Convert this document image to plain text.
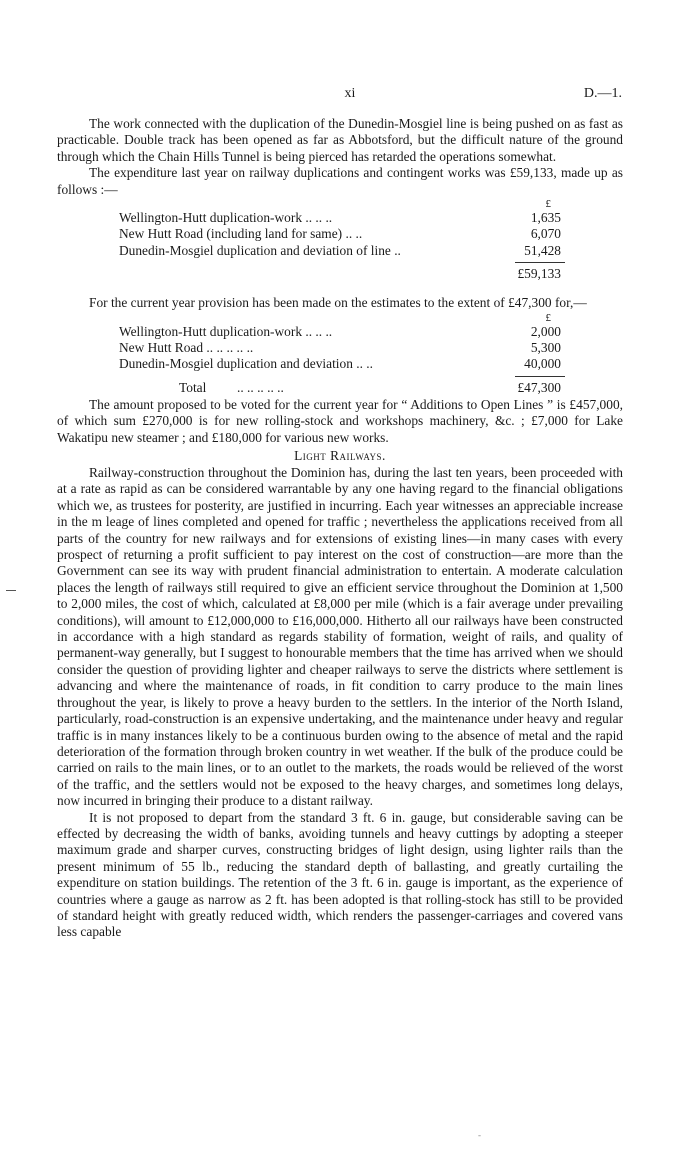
xi	D.—1.

The work connected with the duplication of the Dunedin-Mosgiel line is being pushed on as fast as practicable. Double track has been opened as far as Abbotsford, but the difficult nature of the ground through which the Chain Hills Tunnel is being pierced has retarded the operations somewhat.

The expenditure last year on railway duplications and contingent works was £59,133, made up as follows :—

£
Wellington-Hutt duplication-work .. .. ..	1,635
New Hutt Road (including land for same) .. ..	6,070
Dunedin-Mosgiel duplication and deviation of line ..	51,428
£59,133

For the current year provision has been made on the estimates to the extent of £47,300 for,—

£
Wellington-Hutt duplication-work .. .. ..	2,000
New Hutt Road .. .. .. .. ..	5,300
Dunedin-Mosgiel duplication and deviation .. ..	40,000
Total .. .. .. .. ..	£47,300

The amount proposed to be voted for the current year for “ Additions to Open Lines ” is £457,000, of which sum £270,000 is for new rolling-stock and workshops machinery, &c. ; £7,000 for Lake Wakatipu new steamer ; and £180,000 for various new works.

Light Railways.

Railway-construction throughout the Dominion has, during the last ten years, been proceeded with at a rate as rapid as can be considered warrantable by any one having regard to the financial obligations which we, as trustees for posterity, are justified in incurring. Each year witnesses an appreciable increase in the m leage of lines completed and opened for traffic ; nevertheless the applications received from all parts of the country for new railways and for extensions of existing lines—in many cases with every prospect of returning a profit sufficient to pay interest on the cost of construction—are more than the Government can see its way with prudent financial administration to entertain. A moderate calculation places the length of railways still required to give an efficient service throughout the Dominion at 1,500 to 2,000 miles, the cost of which, calculated at £8,000 per mile (which is a fair average under prevailing conditions), will amount to £12,000,000 to £16,000,000. Hitherto all our railways have been constructed in accordance with a high standard as regards stability of formation, weight of rails, and quality of permanent-way generally, but I suggest to honourable members that the time has arrived when we should consider the question of providing lighter and cheaper railways to serve the districts where settlement is advancing and where the maintenance of roads, in fit condition to carry produce to the main lines throughout the year, is likely to prove a heavy burden to the settlers. In the interior of the North Island, particularly, road-construction is an expensive undertaking, and the maintenance under heavy and regular traffic is in many instances likely to be a continuous burden owing to the absence of metal and the rapid deterioration of the formation through broken country in wet weather. If the bulk of the produce could be carried on rails to the main lines, or to an outlet to the markets, the roads would be relieved of the worst of the traffic, and the settlers would not be exposed to the heavy charges, and sometimes long delays, now incurred in bringing their produce to a distant railway.

It is not proposed to depart from the standard 3 ft. 6 in. gauge, but considerable saving can be effected by decreasing the width of banks, avoiding tunnels and heavy cuttings by adopting a steeper maximum grade and sharper curves, constructing bridges of light design, using lighter rails than the present minimum of 55 lb., reducing the standard depth of ballasting, and greatly curtailing the expenditure on station buildings. The retention of the 3 ft. 6 in. gauge is important, as the experience of countries where a gauge as narrow as 2 ft. has been adopted is that rolling-stock has still to be provided of standard height with greatly reduced width, which renders the passenger-carriages and covered vans less capable

-
